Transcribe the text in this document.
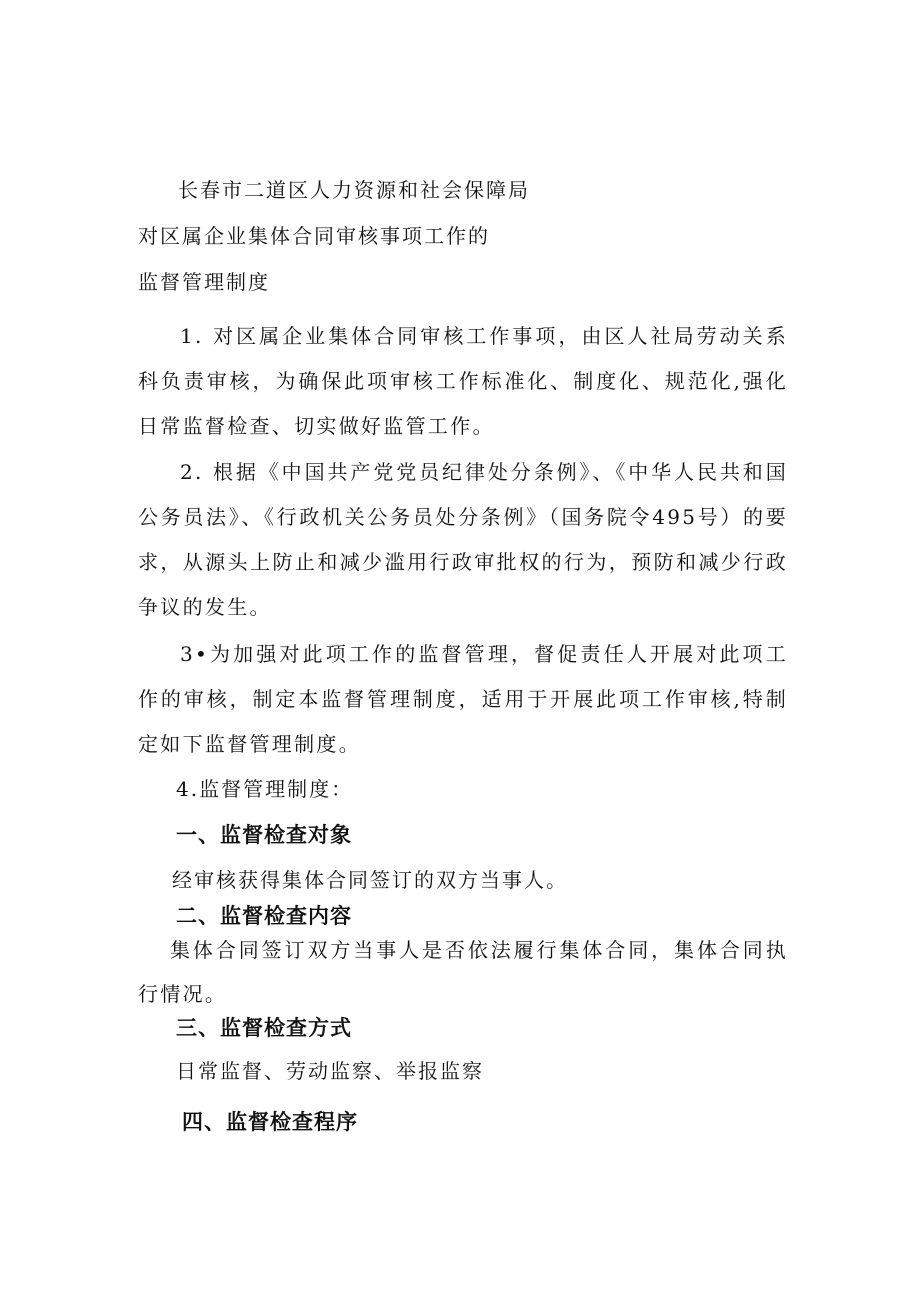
长春市二道区人力资源和社会保障局
对区属企业集体合同审核事项工作的
监督管理制度
1. 对区属企业集体合同审核工作事项，由区人社局劳动关系科负责审核，为确保此项审核工作标准化、制度化、规范化,强化日常监督检查、切实做好监管工作。
2. 根据《中国共产党党员纪律处分条例》、《中华人民共和国公务员法》、《行政机关公务员处分条例》（国务院令495号）的要求，从源头上防止和减少滥用行政审批权的行为，预防和减少行政争议的发生。
3•为加强对此项工作的监督管理，督促责任人开展对此项工作的审核，制定本监督管理制度，适用于开展此项工作审核,特制定如下监督管理制度。
4.监督管理制度：
一、监督检查对象
经审核获得集体合同签订的双方当事人。
二、监督检查内容
集体合同签订双方当事人是否依法履行集体合同，集体合同执行情况。
三、监督检查方式
日常监督、劳动监察、举报监察
四、监督检查程序
